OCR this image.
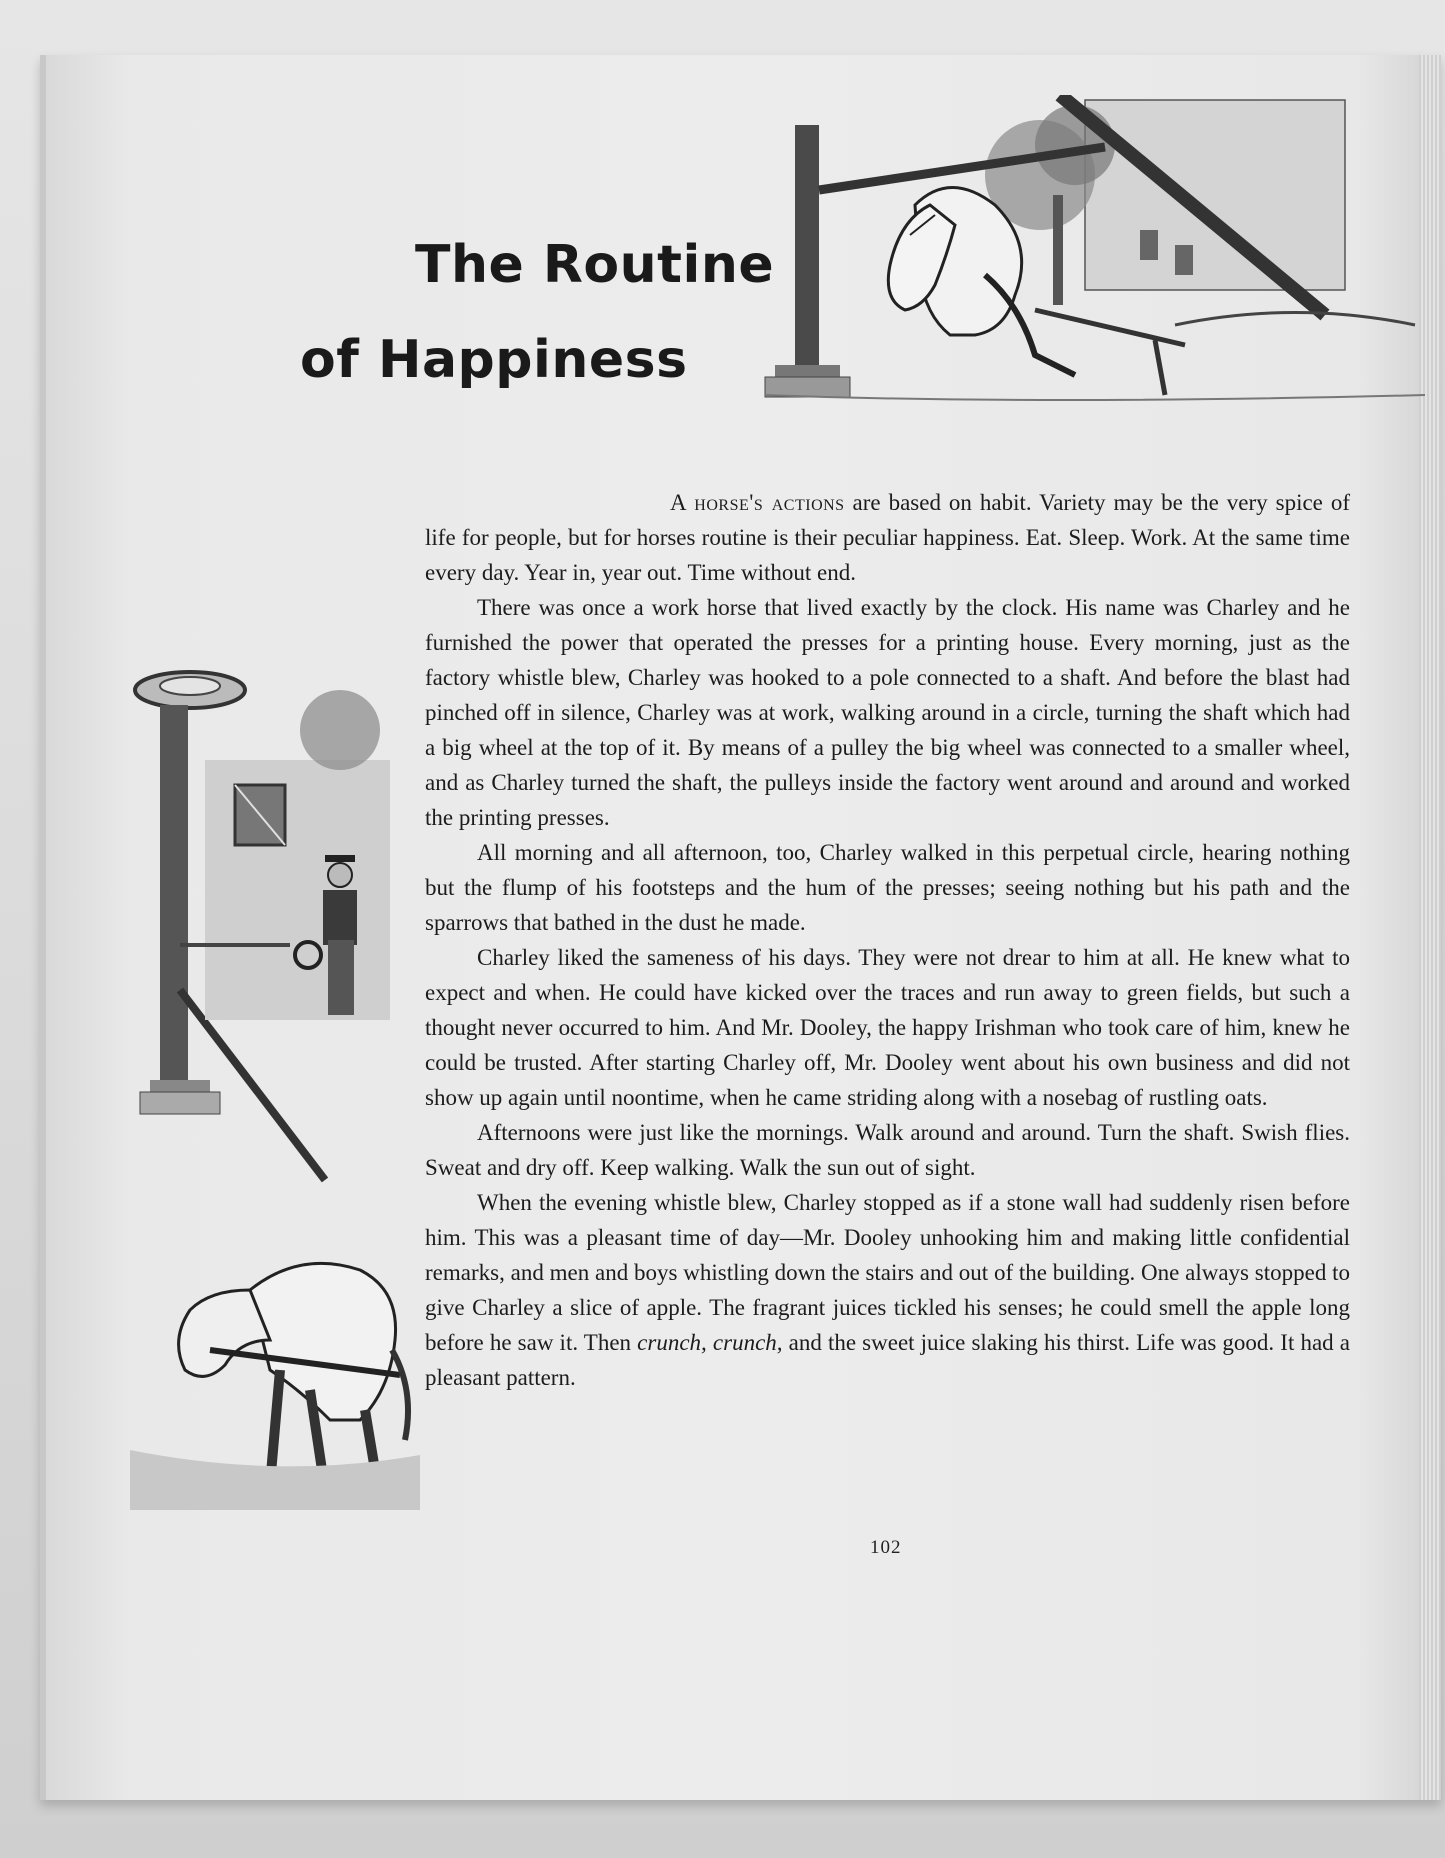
The Routine
of Happiness

A horse's actions are based on habit. Variety may be the very spice of life for people, but for horses routine is their peculiar happiness. Eat. Sleep. Work. At the same time every day. Year in, year out. Time without end.

There was once a work horse that lived exactly by the clock. His name was Charley and he furnished the power that operated the presses for a printing house. Every morning, just as the factory whistle blew, Charley was hooked to a pole connected to a shaft. And before the blast had pinched off in silence, Charley was at work, walking around in a circle, turning the shaft which had a big wheel at the top of it. By means of a pulley the big wheel was connected to a smaller wheel, and as Charley turned the shaft, the pulleys inside the factory went around and around and worked the printing presses.

All morning and all afternoon, too, Charley walked in this perpetual circle, hearing nothing but the flump of his footsteps and the hum of the presses; seeing nothing but his path and the sparrows that bathed in the dust he made.

Charley liked the sameness of his days. They were not drear to him at all. He knew what to expect and when. He could have kicked over the traces and run away to green fields, but such a thought never occurred to him. And Mr. Dooley, the happy Irishman who took care of him, knew he could be trusted. After starting Charley off, Mr. Dooley went about his own business and did not show up again until noontime, when he came striding along with a nosebag of rustling oats.

Afternoons were just like the mornings. Walk around and around. Turn the shaft. Swish flies. Sweat and dry off. Keep walking. Walk the sun out of sight.

When the evening whistle blew, Charley stopped as if a stone wall had suddenly risen before him. This was a pleasant time of day—Mr. Dooley unhooking him and making little confidential remarks, and men and boys whistling down the stairs and out of the building. One always stopped to give Charley a slice of apple. The fragrant juices tickled his senses; he could smell the apple long before he saw it. Then crunch, crunch, and the sweet juice slaking his thirst. Life was good. It had a pleasant pattern.

102
